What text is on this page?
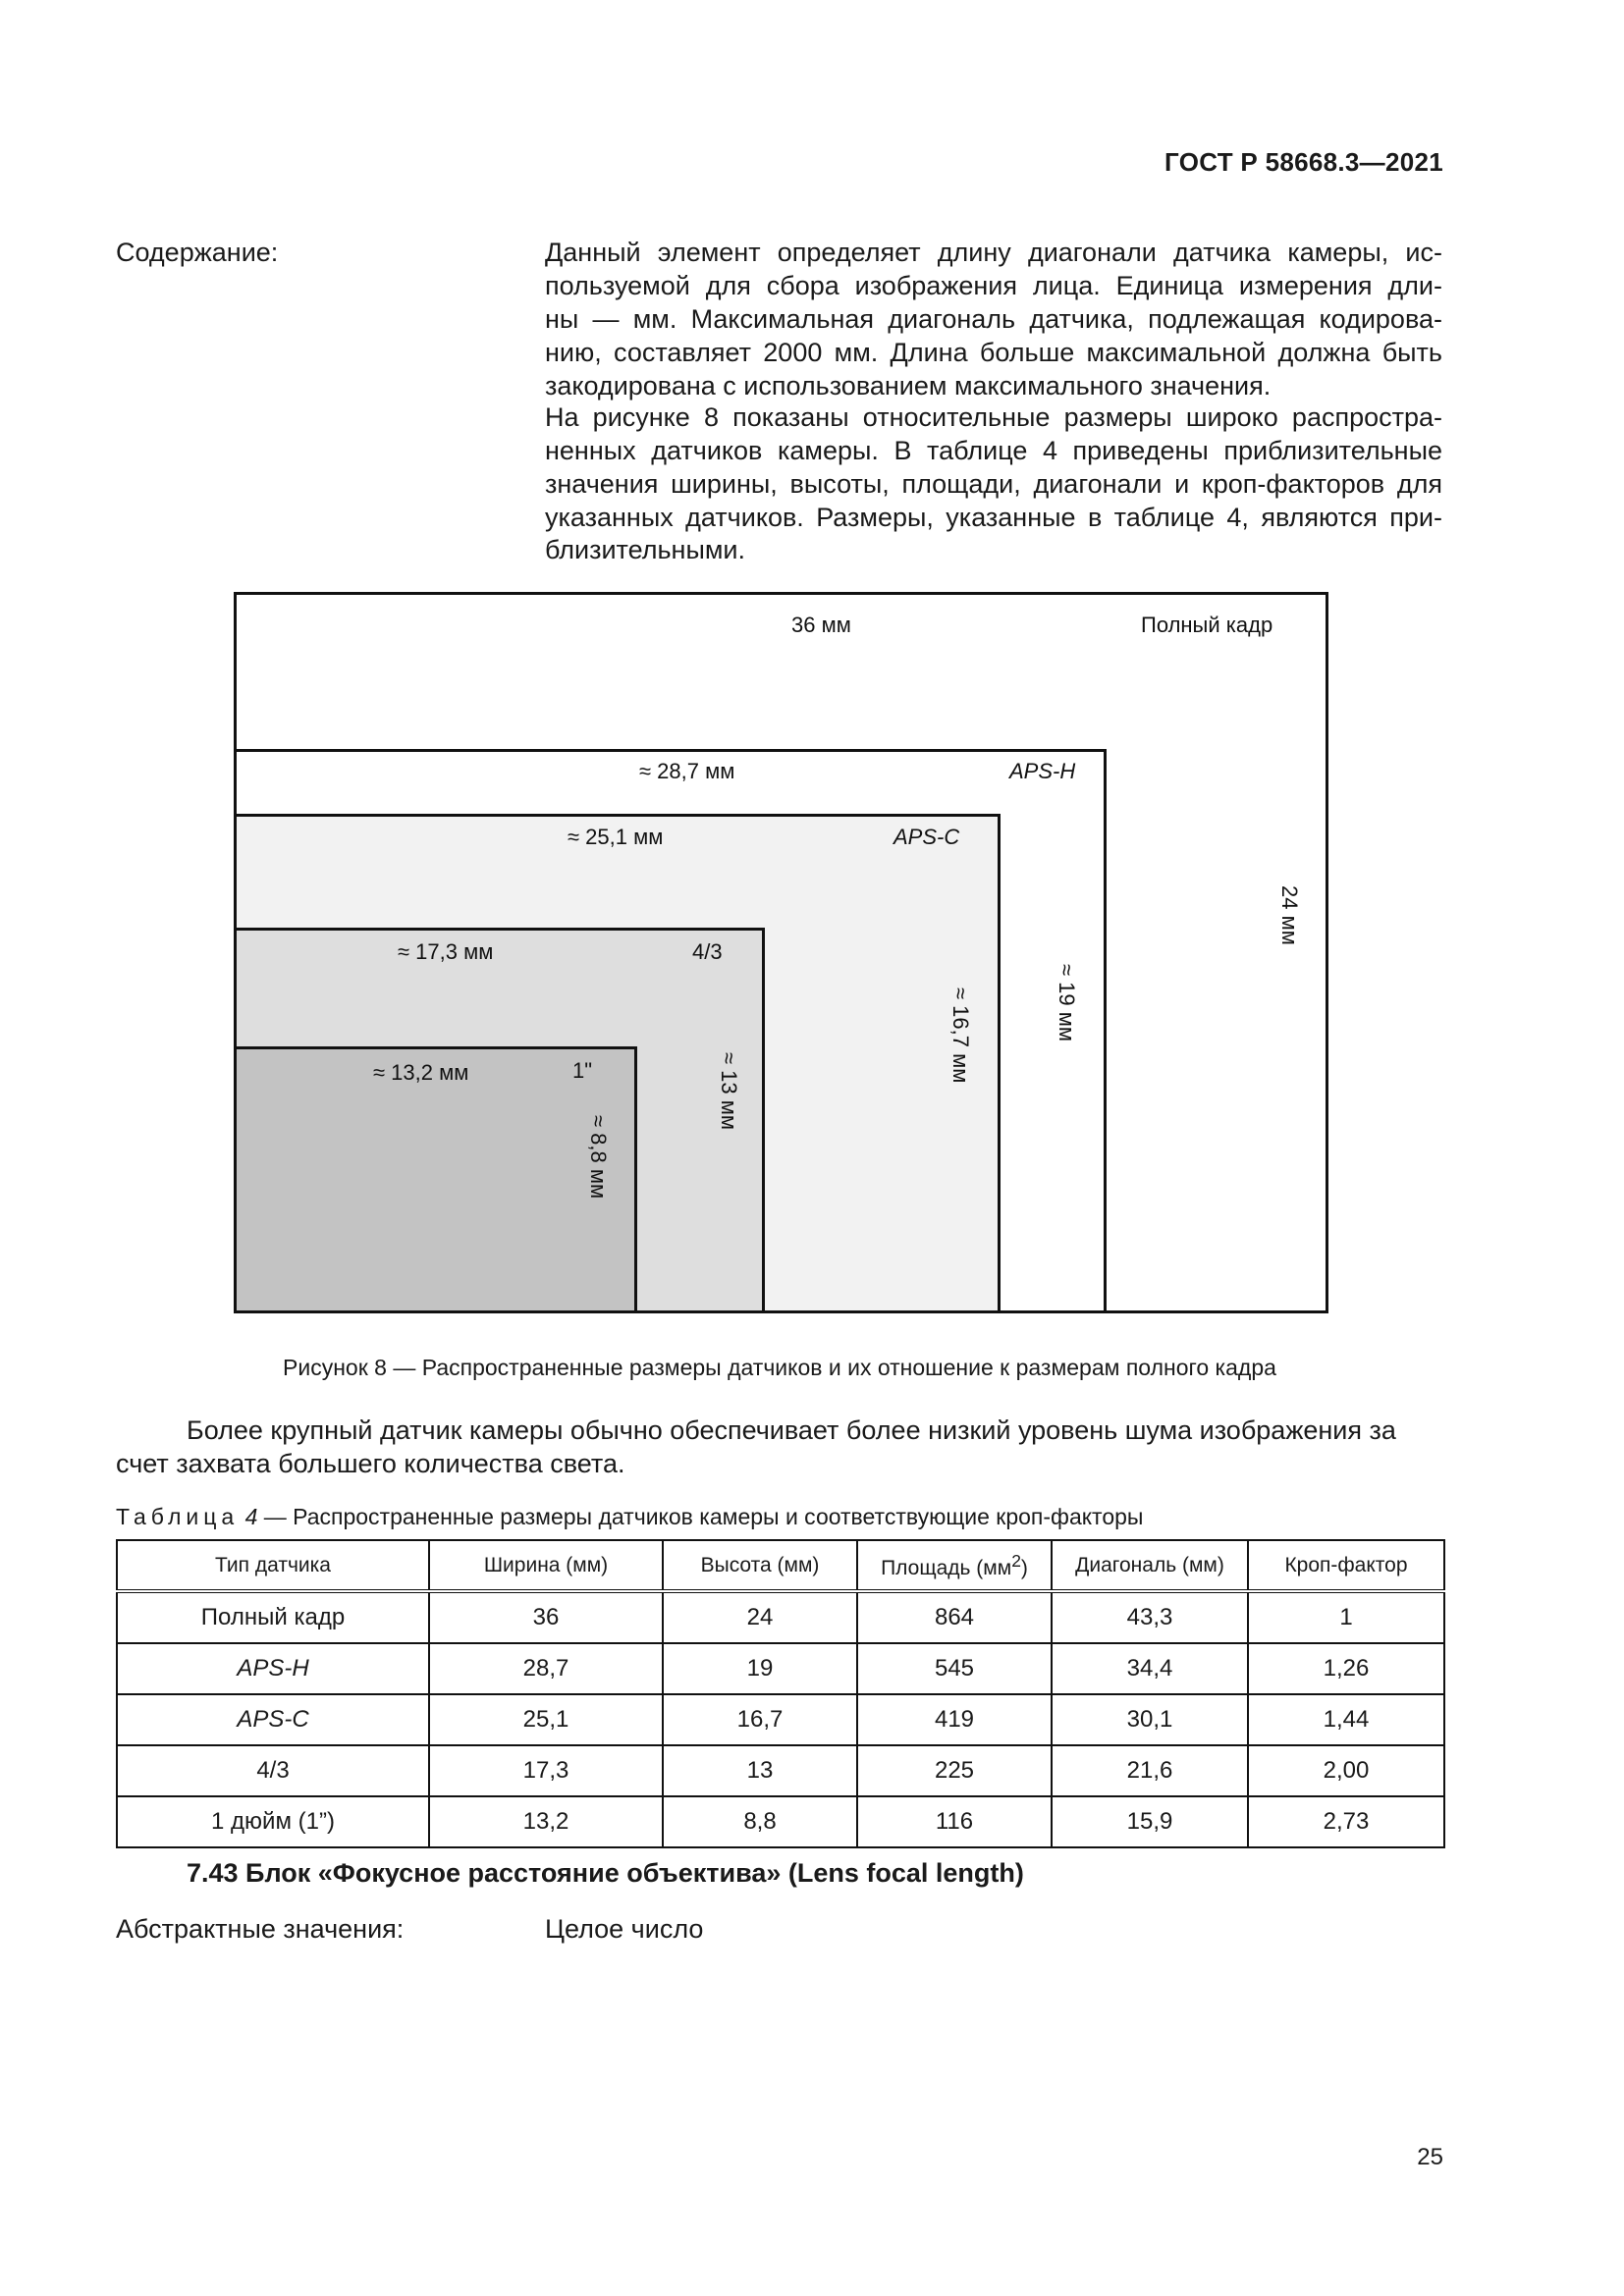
ГОСТ Р 58668.3—2021
Содержание:	Данный элемент определяет длину диагонали датчика камеры, ис-
пользуемой для сбора изображения лица. Единица измерения дли-
ны — мм. Максимальная диагональ датчика, подлежащая кодирова-
нию, составляет 2000 мм. Длина больше максимальной должна быть
закодирована с использованием максимального значения.
На рисунке 8 показаны относительные размеры широко распростра-
ненных датчиков камеры. В таблице 4 приведены приблизительные
значения ширины, высоты, площади, диагонали и кроп-факторов для
указанных датчиков. Размеры, указанные в таблице 4, являются при-
близительными.
36 мм	Полный кадр
24 мм
≈ 28,7 мм	APS-H
≈ 19 мм
≈ 25,1 мм	APS-C
≈ 16,7 мм
≈ 17,3 мм	4/3
≈ 13 мм
≈ 13,2 мм	1"
≈ 8,8 мм
Рисунок 8 — Распространенные размеры датчиков и их отношение к размерам полного кадра
Более крупный датчик камеры обычно обеспечивает более низкий уровень шума изображения за
счет захвата большего количества света.
Таблица 4 — Распространенные размеры датчиков камеры и соответствующие кроп-факторы
Тип датчика	Ширина (мм)	Высота (мм)	Площадь $(мм^2)$	Диагональ (мм)	Кроп-фактор
Полный кадр	36	24	864	43,3	1
APS-H	28,7	19	545	34,4	1,26
APS-C	25,1	16,7	419	30,1	1,44
4/3	17,3	13	225	21,6	2,00
1 дюйм (1”)	13,2	8,8	116	15,9	2,73
7.43 Блок «Фокусное расстояние объектива» (Lens focal length)
Абстрактные значения:	Целое число
25
